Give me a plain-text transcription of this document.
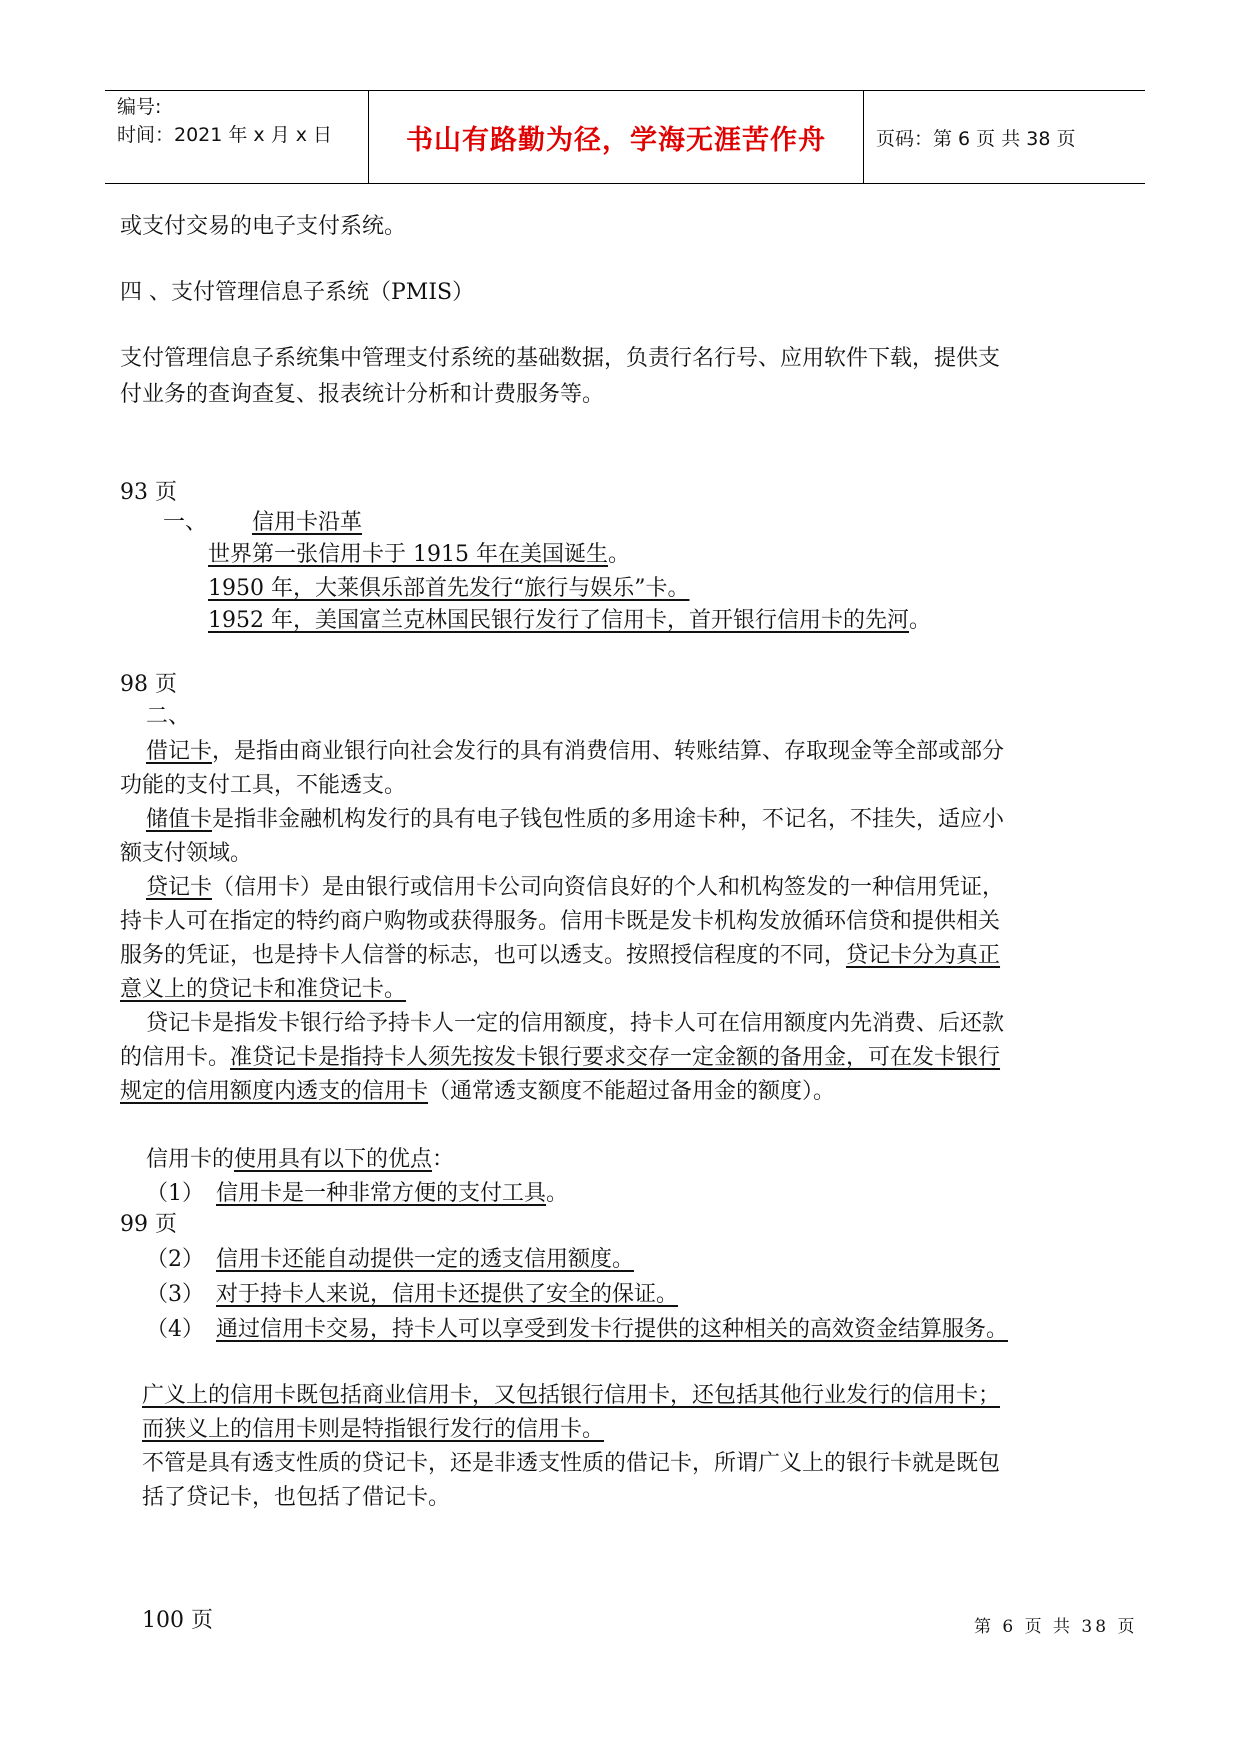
编号:
时间：2021 年 x 月 x 日	书山有路勤为径，学海无涯苦作舟	页码：第 6 页 共 38 页
或支付交易的电子支付系统。
四 、支付管理信息子系统（PMIS）
支付管理信息子系统集中管理支付系统的基础数据，负责行名行号、应用软件下载，提供支
付业务的查询查复、报表统计分析和计费服务等。
93 页
一、 信用卡沿革
世界第一张信用卡于 1915 年在美国诞生。
1950 年，大莱俱乐部首先发行“旅行与娱乐”卡。
1952 年，美国富兰克林国民银行发行了信用卡，首开银行信用卡的先河。
98 页
二、
借记卡，是指由商业银行向社会发行的具有消费信用、转账结算、存取现金等全部或部分
功能的支付工具，不能透支。
储值卡是指非金融机构发行的具有电子钱包性质的多用途卡种，不记名，不挂失，适应小
额支付领域。
贷记卡（信用卡）是由银行或信用卡公司向资信良好的个人和机构签发的一种信用凭证，
持卡人可在指定的特约商户购物或获得服务。信用卡既是发卡机构发放循环信贷和提供相关
服务的凭证，也是持卡人信誉的标志，也可以透支。按照授信程度的不同，贷记卡分为真正
意义上的贷记卡和准贷记卡。
贷记卡是指发卡银行给予持卡人一定的信用额度，持卡人可在信用额度内先消费、后还款
的信用卡。准贷记卡是指持卡人须先按发卡银行要求交存一定金额的备用金，可在发卡银行
规定的信用额度内透支的信用卡（通常透支额度不能超过备用金的额度）。
信用卡的使用具有以下的优点：
（1） 信用卡是一种非常方便的支付工具。
99 页
（2） 信用卡还能自动提供一定的透支信用额度。
（3） 对于持卡人来说，信用卡还提供了安全的保证。
（4） 通过信用卡交易，持卡人可以享受到发卡行提供的这种相关的高效资金结算服务。
广义上的信用卡既包括商业信用卡，又包括银行信用卡，还包括其他行业发行的信用卡；
而狭义上的信用卡则是特指银行发行的信用卡。
不管是具有透支性质的贷记卡，还是非透支性质的借记卡，所谓广义上的银行卡就是既包
括了贷记卡，也包括了借记卡。
100 页	第 6 页 共 38 页
